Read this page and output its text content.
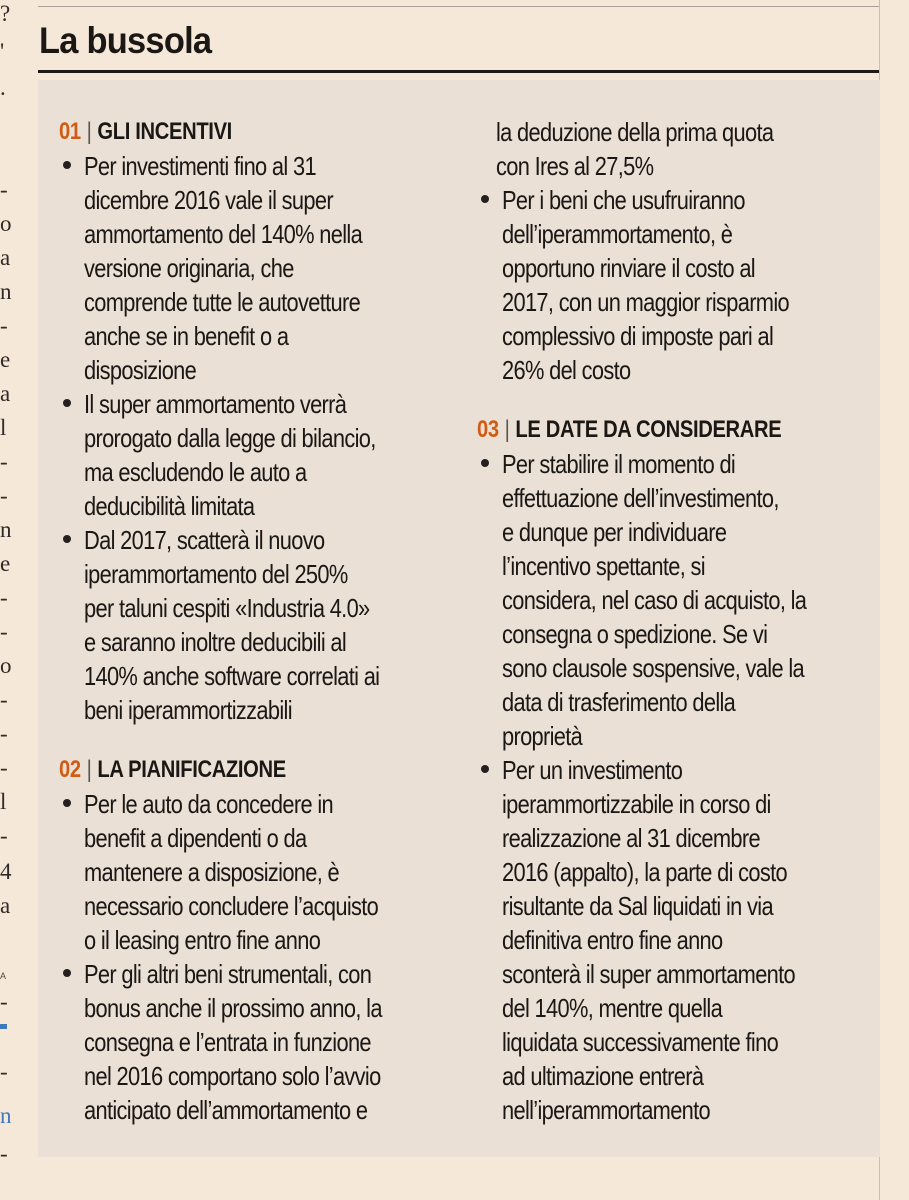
?
'
.
-
o
a
n
-
e
a
l
-
-
n
e
-
-
o
-
-
-
l
-
4
a
A
-
-
n
-
La bussola
01 | GLI INCENTIVI
Per investimenti fino al 31
dicembre 2016 vale il super
ammortamento del 140% nella
versione originaria, che
comprende tutte le autovetture
anche se in benefit o a
disposizione
Il super ammortamento verrà
prorogato dalla legge di bilancio,
ma escludendo le auto a
deducibilità limitata
Dal 2017, scatterà il nuovo
iperammortamento del 250%
per taluni cespiti «Industria 4.0»
e saranno inoltre deducibili al
140% anche software correlati ai
beni iperammortizzabili
02 | LA PIANIFICAZIONE
Per le auto da concedere in
benefit a dipendenti o da
mantenere a disposizione, è
necessario concludere l’acquisto
o il leasing entro fine anno
Per gli altri beni strumentali, con
bonus anche il prossimo anno, la
consegna e l’entrata in funzione
nel 2016 comportano solo l’avvio
anticipato dell’ammortamento e
la deduzione della prima quota
con Ires al 27,5%
Per i beni che usufruiranno
dell’iperammortamento, è
opportuno rinviare il costo al
2017, con un maggior risparmio
complessivo di imposte pari al
26% del costo
03 | LE DATE DA CONSIDERARE
Per stabilire il momento di
effettuazione dell’investimento,
e dunque per individuare
l’incentivo spettante, si
considera, nel caso di acquisto, la
consegna o spedizione. Se vi
sono clausole sospensive, vale la
data di trasferimento della
proprietà
Per un investimento
iperammortizzabile in corso di
realizzazione al 31 dicembre
2016 (appalto), la parte di costo
risultante da Sal liquidati in via
definitiva entro fine anno
sconterà il super ammortamento
del 140%, mentre quella
liquidata successivamente fino
ad ultimazione entrerà
nell’iperammortamento
